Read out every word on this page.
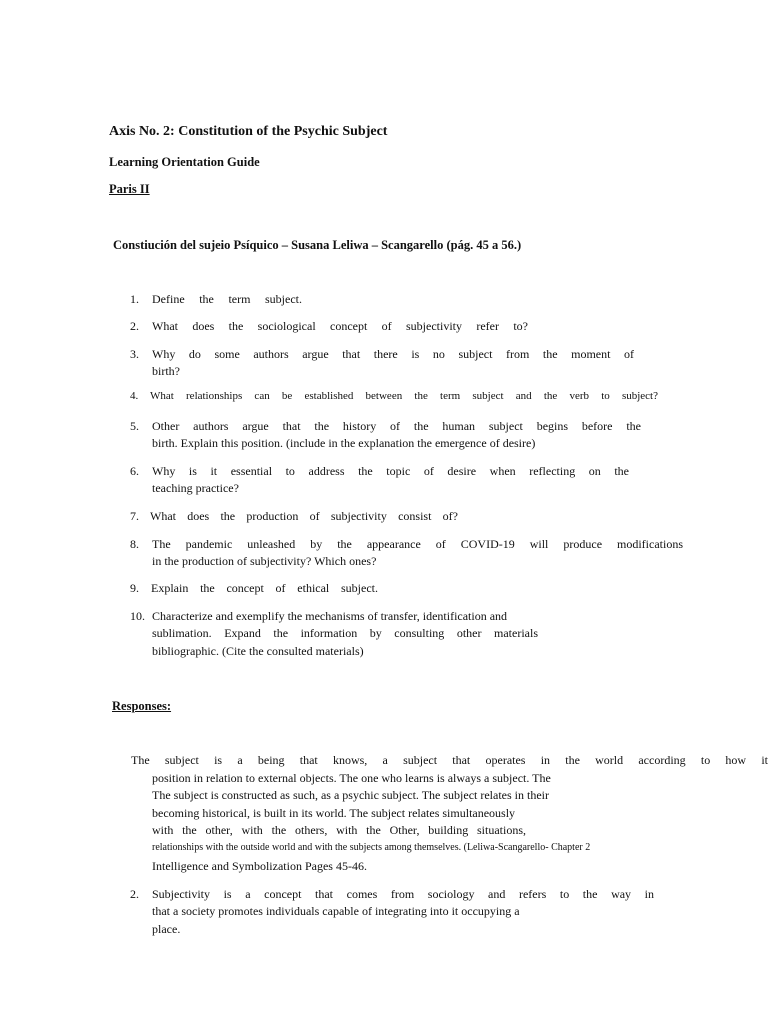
Axis No. 2: Constitution of the Psychic Subject

Learning Orientation Guide

Paris II

Constiución del sujeio Psíquico – Susana Leliwa – Scangarello (pág. 45 a 56.)

1. Define the term subject.
2. What does the sociological concept of subjectivity refer to?
3. Why do some authors argue that there is no subject from the moment of
birth?
4. What relationships can be established between the term subject and the verb to subject?
5. Other authors argue that the history of the human subject begins before the
birth. Explain this position. (include in the explanation the emergence of desire)
6. Why is it essential to address the topic of desire when reflecting on the
teaching practice?
7. What does the production of subjectivity consist of?
8. The pandemic unleashed by the appearance of COVID-19 will produce modifications
in the production of subjectivity? Which ones?
9. Explain the concept of ethical subject.
10. Characterize and exemplify the mechanisms of transfer, identification and
sublimation. Expand the information by consulting other materials
bibliographic. (Cite the consulted materials)

Responses:

The subject is a being that knows, a subject that operates in the world according to how it

position in relation to external objects. The one who learns is always a subject. The

The subject is constructed as such, as a psychic subject. The subject relates in their

becoming historical, is built in its world. The subject relates simultaneously

with the other, with the others, with the Other, building situations,

relationships with the outside world and with the subjects among themselves. (Leliwa-Scangarello- Chapter 2

Intelligence and Symbolization Pages 45-46.

2. Subjectivity is a concept that comes from sociology and refers to the way in
that a society promotes individuals capable of integrating into it occupying a
place.
